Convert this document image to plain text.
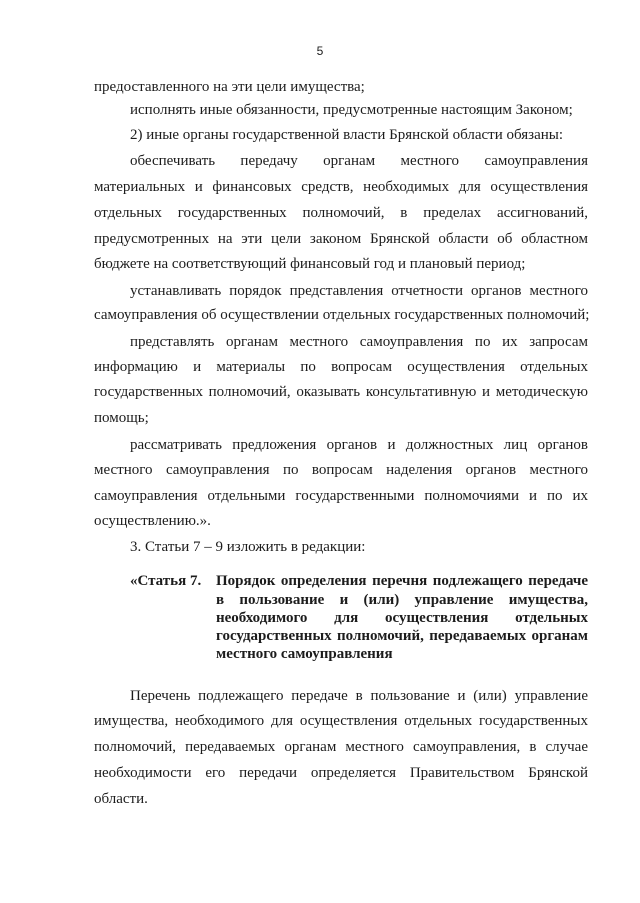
5
предоставленного на эти цели имущества;
исполнять иные обязанности, предусмотренные настоящим Законом;
2) иные органы государственной власти Брянской области обязаны:
обеспечивать передачу органам местного самоуправления
материальных и финансовых средств, необходимых для осуществления
отдельных государственных полномочий, в пределах ассигнований,
предусмотренных на эти цели законом Брянской области об областном
бюджете на соответствующий финансовый год и плановый период;
устанавливать порядок представления отчетности органов местного
самоуправления об осуществлении отдельных государственных полномочий;
представлять органам местного самоуправления по их запросам
информацию и материалы по вопросам осуществления отдельных
государственных полномочий, оказывать консультативную и методическую
помощь;
рассматривать предложения органов и должностных лиц органов
местного самоуправления по вопросам наделения органов местного
самоуправления отдельными государственными полномочиями и по их
осуществлению.».
3. Статьи 7 – 9 изложить в редакции:
«Статья 7. Порядок определения перечня подлежащего передаче
в пользование и (или) управление имущества,
необходимого для осуществления отдельных
государственных полномочий, передаваемых органам
местного самоуправления
Перечень подлежащего передаче в пользование и (или) управление
имущества, необходимого для осуществления отдельных государственных
полномочий, передаваемых органам местного самоуправления, в случае
необходимости его передачи определяется Правительством Брянской
области.
